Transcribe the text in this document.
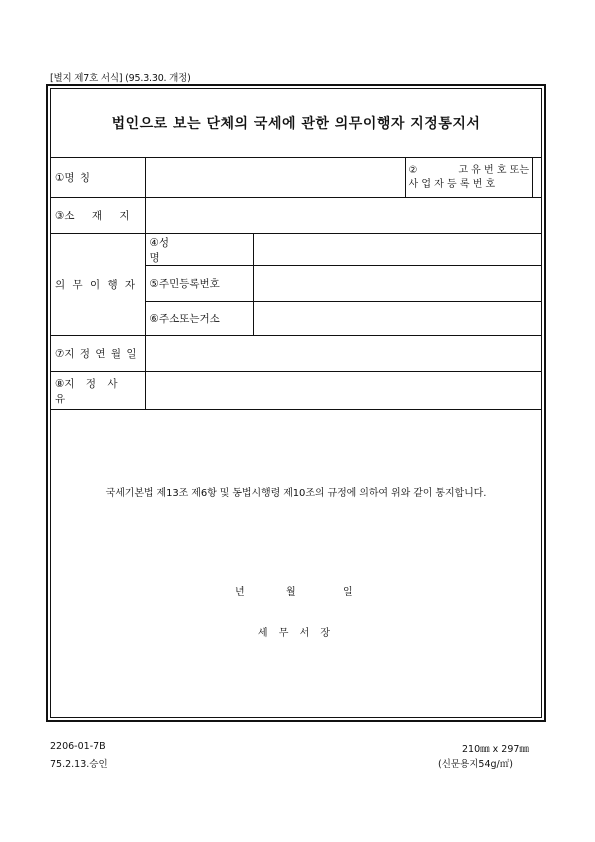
[별지 제7호 서식] (95.3.30. 개정)
법인으로 보는 단체의 국세에 관한 의무이행자 지정통지서
①명 칭

②	고 유 번 호 또는
사 업 자 등 록 번 호

③소 재 지	
의 무 이 행 자	④성 명	
⑤주민등록번호	
⑥주소또는거소	
⑦지 정 연 월 일	
⑧지 정 사 유	
국세기본법 제13조 제6항 및 동법시행령 제10조의 규정에 의하여 위와 같이 통지합니다.
년	월	일
세 무 서 장
2206-01-7B
75.2.13.승인
210㎜ x 297㎜
(신문용지54g/㎡)
